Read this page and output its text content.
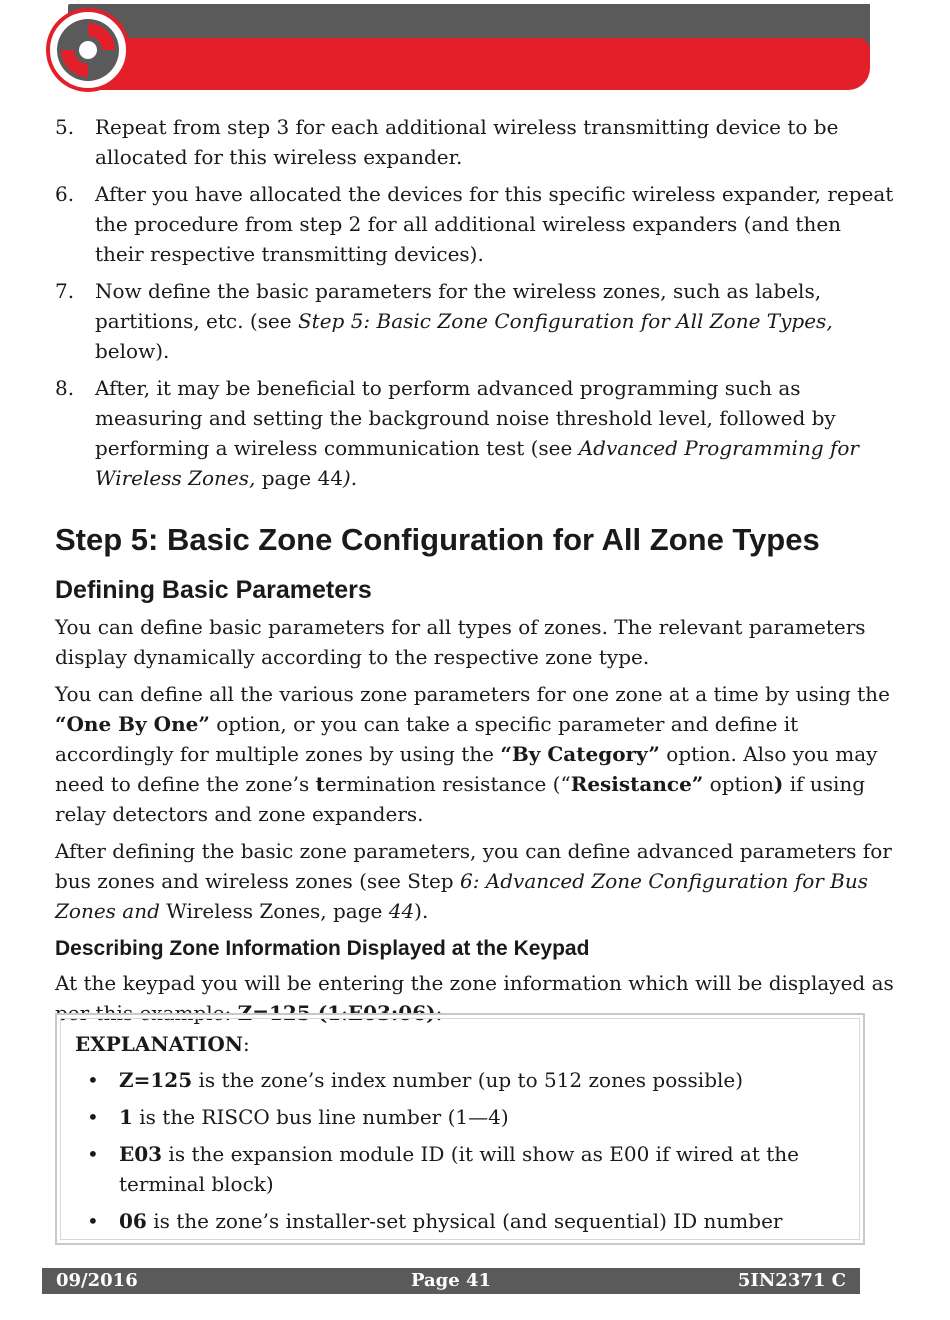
5. Repeat from step 3 for each additional wireless transmitting device to be allocated for this wireless expander.
6. After you have allocated the devices for this specific wireless expander, repeat the procedure from step 2 for all additional wireless expanders (and then their respective transmitting devices).
7. Now define the basic parameters for the wireless zones, such as labels, partitions, etc. (see Step 5: Basic Zone Configuration for All Zone Types, below).
8. After, it may be beneficial to perform advanced programming such as measuring and setting the background noise threshold level, followed by performing a wireless communication test (see Advanced Programming for Wireless Zones, page 44).
Step 5: Basic Zone Configuration for All Zone Types
Defining Basic Parameters

You can define basic parameters for all types of zones. The relevant parameters display dynamically according to the respective zone type.

You can define all the various zone parameters for one zone at a time by using the “One By One” option, or you can take a specific parameter and define it accordingly for multiple zones by using the “By Category” option. Also you may need to define the zone’s termination resistance (“Resistance” option) if using relay detectors and zone expanders.

After defining the basic zone parameters, you can define advanced parameters for bus zones and wireless zones (see Step 6: Advanced Zone Configuration for Bus Zones and Wireless Zones, page 44).

Describing Zone Information Displayed at the Keypad

At the keypad you will be entering the zone information which will be displayed as per this example: Z=125 (1:E03:06):

EXPLANATION:
• Z=125 is the zone’s index number (up to 512 zones possible)
• 1 is the RISCO bus line number (1—4)
• E03 is the expansion module ID (it will show as E00 if wired at the terminal block)
• 06 is the zone’s installer-set physical (and sequential) ID number
09/2016	Page 41	5IN2371 C
